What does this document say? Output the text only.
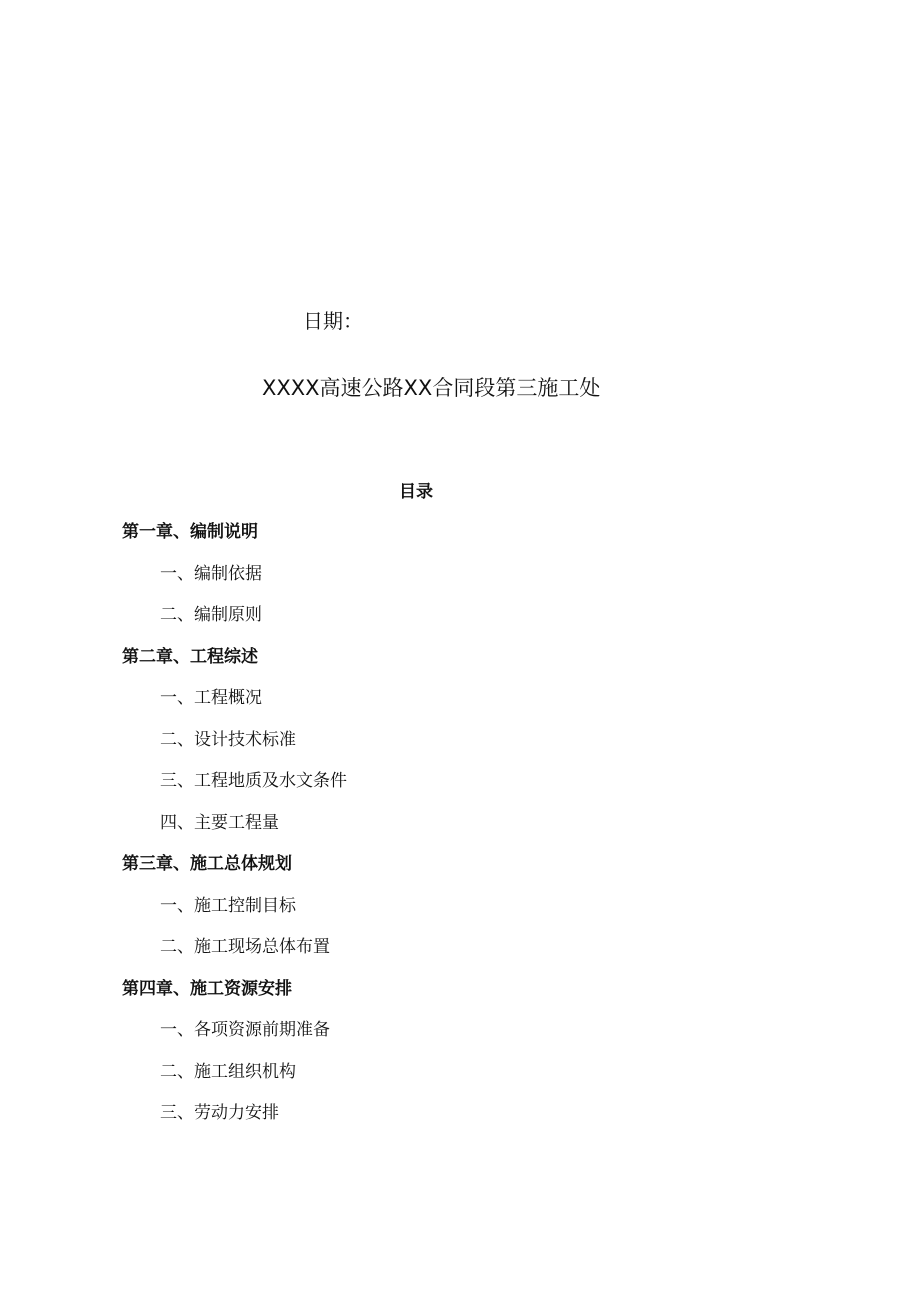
日期：
XXXX高速公路XX合同段第三施工处
目录
第一章、编制说明
一、编制依据
二、编制原则
第二章、工程综述
一、工程概况
二、设计技术标准
三、工程地质及水文条件
四、主要工程量
第三章、施工总体规划
一、施工控制目标
二、施工现场总体布置
第四章、施工资源安排
一、各项资源前期准备
二、施工组织机构
三、劳动力安排
